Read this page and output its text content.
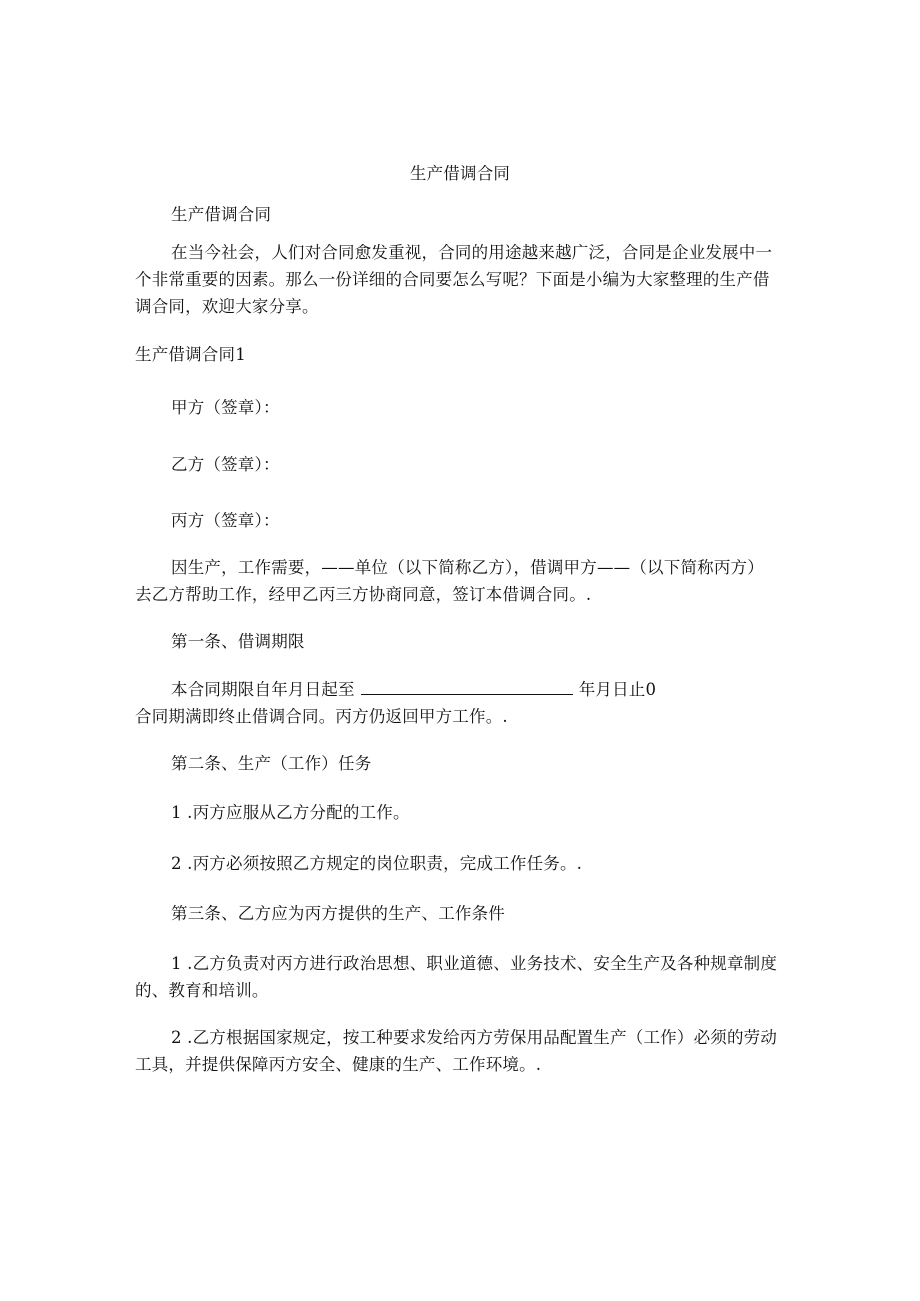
生产借调合同
生产借调合同
在当今社会，人们对合同愈发重视，合同的用途越来越广泛，合同是企业发展中一
个非常重要的因素。那么一份详细的合同要怎么写呢？下面是小编为大家整理的生产借
调合同，欢迎大家分享。
生产借调合同1
甲方（签章）：
乙方（签章）：
丙方（签章）：
因生产，工作需要，——单位（以下简称乙方），借调甲方——（以下简称丙方）
去乙方帮助工作，经甲乙丙三方协商同意，签订本借调合同。.
第一条、借调期限
本合同期限自年月日起至	年月日止0
合同期满即终止借调合同。丙方仍返回甲方工作。.
第二条、生产（工作）任务
1 .丙方应服从乙方分配的工作。
2 .丙方必须按照乙方规定的岗位职责，完成工作任务。.
第三条、乙方应为丙方提供的生产、工作条件
1 .乙方负责对丙方进行政治思想、职业道德、业务技术、安全生产及各种规章制度
的、教育和培训。
2 .乙方根据国家规定，按工种要求发给丙方劳保用品配置生产（工作）必须的劳动
工具，并提供保障丙方安全、健康的生产、工作环境。.
